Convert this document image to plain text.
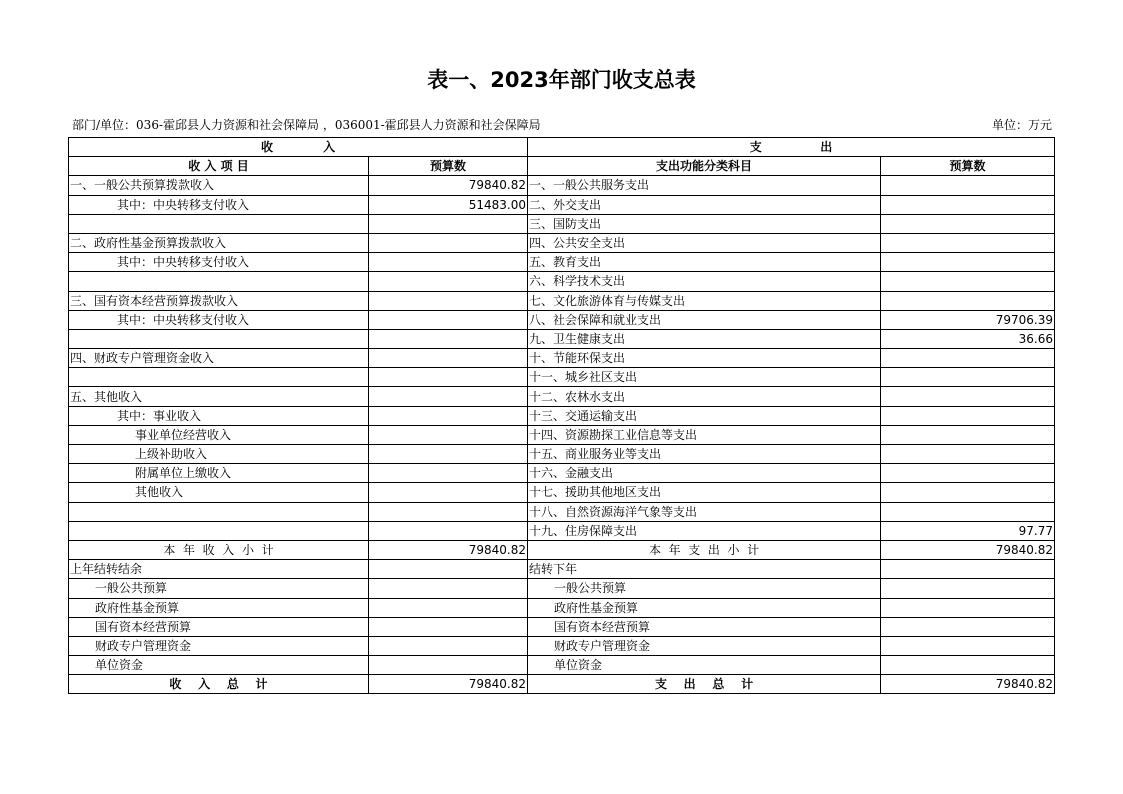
表一、2023年部门收支总表
部门/单位：036-霍邱县人力资源和社会保障局 ，036001-霍邱县人力资源和社会保障局	单位：万元
收            入		支              出	
收 入 项 目	预算数	支出功能分类科目	预算数
一、一般公共预算拨款收入	79840.82	一、一般公共服务支出	
其中：中央转移支付收入	51483.00	二、外交支出	
		三、国防支出	
二、政府性基金预算拨款收入		四、公共安全支出	
其中：中央转移支付收入		五、教育支出	
		六、科学技术支出	
三、国有资本经营预算拨款收入		七、文化旅游体育与传媒支出	
其中：中央转移支付收入		八、社会保障和就业支出	79706.39
		九、卫生健康支出	36.66
四、财政专户管理资金收入		十、节能环保支出	
		十一、城乡社区支出	
五、其他收入		十二、农林水支出	
其中：事业收入		十三、交通运输支出	
事业单位经营收入		十四、资源勘探工业信息等支出	
上级补助收入		十五、商业服务业等支出	
附属单位上缴收入		十六、金融支出	
其他收入		十七、援助其他地区支出	
		十八、自然资源海洋气象等支出	
		十九、住房保障支出	97.77
本  年  收  入  小  计	79840.82	本  年  支  出  小  计	79840.82
上年结转结余		结转下年	
一般公共预算		一般公共预算	
政府性基金预算		政府性基金预算	
国有资本经营预算		国有资本经营预算	
财政专户管理资金		财政专户管理资金	
单位资金		单位资金	
收    入    总    计	79840.82	支    出    总    计	79840.82
